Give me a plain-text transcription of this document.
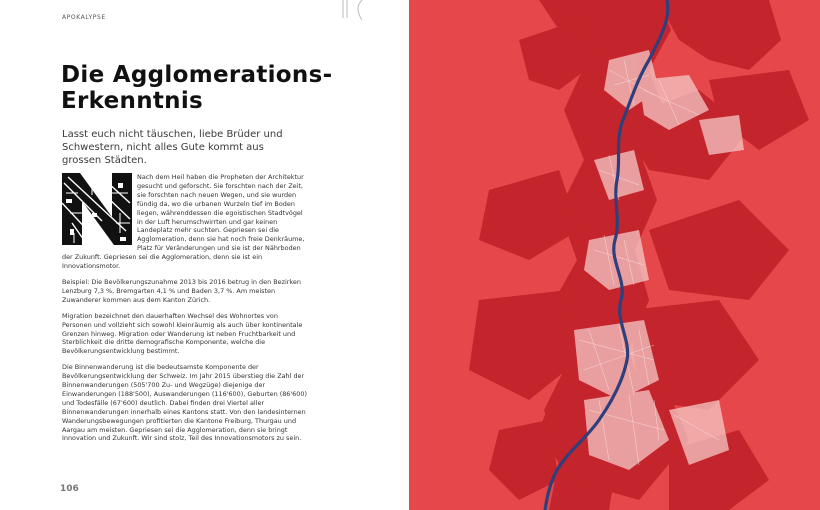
APOKALYPSE
Die Agglomerations-
Erkenntnis

Lasst euch nicht täuschen, liebe Brüder und Schwestern, nicht alles Gute kommt aus grossen Städten.

Nach dem Heil haben die Propheten der Architektur gesucht und geforscht. Sie forschten nach der Zeit, sie forschten nach neuen Wegen, und sie wurden fündig da, wo die urbanen Wurzeln tief im Boden liegen, währenddessen die egoistischen Stadtvögel in der Luft herumschwirrten und gar keinen Landeplatz mehr suchten. Gepriesen sei die Agglomeration, denn sie hat noch freie Denkräume, Platz für Veränderungen und sie ist der Nährboden der Zukunft. Gepriesen sei die Agglomeration, denn sie ist ein Innovationsmotor.

Beispiel: Die Bevölkerungszunahme 2013 bis 2016 betrug in den Bezirken Lenzburg 7,3 %, Bremgarten 4,1 % und Baden 3,7 %. Am meisten Zuwanderer kommen aus dem Kanton Zürich.

Migration bezeichnet den dauerhaften Wechsel des Wohnortes von Personen und vollzieht sich sowohl kleinräumig als auch über kontinentale Grenzen hinweg. Migration oder Wanderung ist neben Fruchtbarkeit und Sterblichkeit die dritte demografische Komponente, welche die Bevölkerungsentwicklung bestimmt.

Die Binnenwanderung ist die bedeutsamste Komponente der Bevölkerungsentwicklung der Schweiz. Im Jahr 2015 überstieg die Zahl der Binnenwanderungen (505'700 Zu- und Wegzüge) diejenige der Einwanderungen (188'500), Auswanderungen (116'600), Geburten (86'600) und Todesfälle (67'600) deutlich. Dabei finden drei Viertel aller Binnenwanderungen innerhalb eines Kantons statt. Von den landesinternen Wanderungsbewegungen profitierten die Kantone Freiburg, Thurgau und Aargau am meisten. Gepriesen sei die Agglomeration, denn sie bringt Innovation und Zukunft. Wir sind stolz, Teil des Innovationsmotors zu sein.

106
